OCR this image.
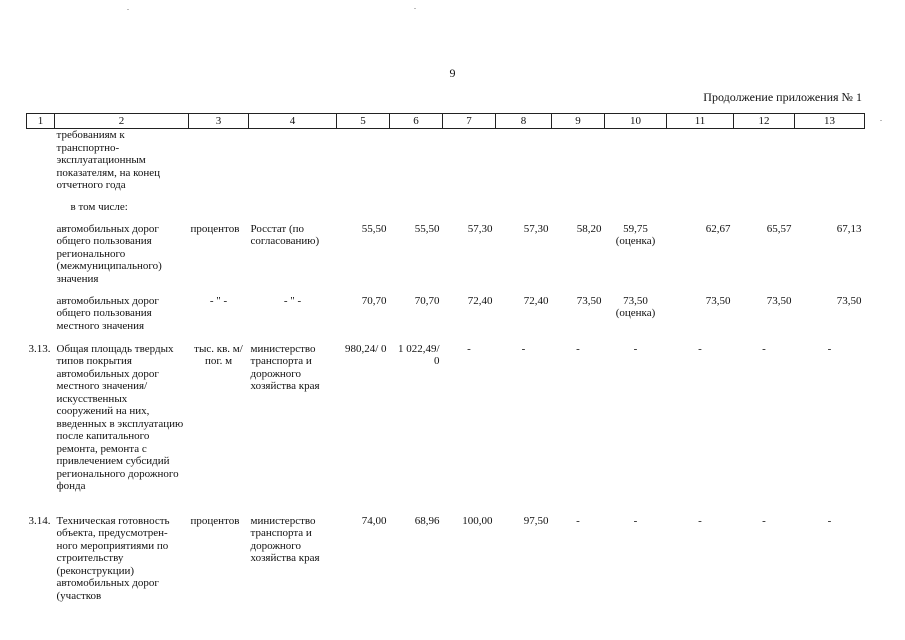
9
Продолжение приложения № 1
1	2	3	4	5	6	7	8	9	10	11	12	13
	требованиям к транспортно-эксплуатационным показателям, на конец отчетного года											
	в том числе:											
	автомобильных дорог общего пользования регионального (межмуниципального) значения	процентов	Росстат (по согласованию)	55,50	55,50	57,30	57,30	58,20	59,75 (оценка)	62,67	65,57	67,13
	автомобильных дорог общего пользования местного значения	- " -	- " -	70,70	70,70	72,40	72,40	73,50	73,50 (оценка)	73,50	73,50	73,50
3.13.	Общая площадь твердых типов покрытия автомобильных дорог местного значения/искусственных сооружений на них, введенных в эксплуатацию после капитального ремонта, ремонта с привлечением субсидий регионального дорожного фонда	тыс. кв. м/ пог. м	министерство транспорта и дорожного хозяйства края	980,24/ 0	1 022,49/ 0	-	-	-	-	-	-	-
3.14.	Техническая готовность объекта, предусмотрен-ного мероприятиями по строительству (реконструкции) автомобильных дорог (участков	процентов	министерство транспорта и дорожного хозяйства края	74,00	68,96	100,00	97,50	-	-	-	-	-
